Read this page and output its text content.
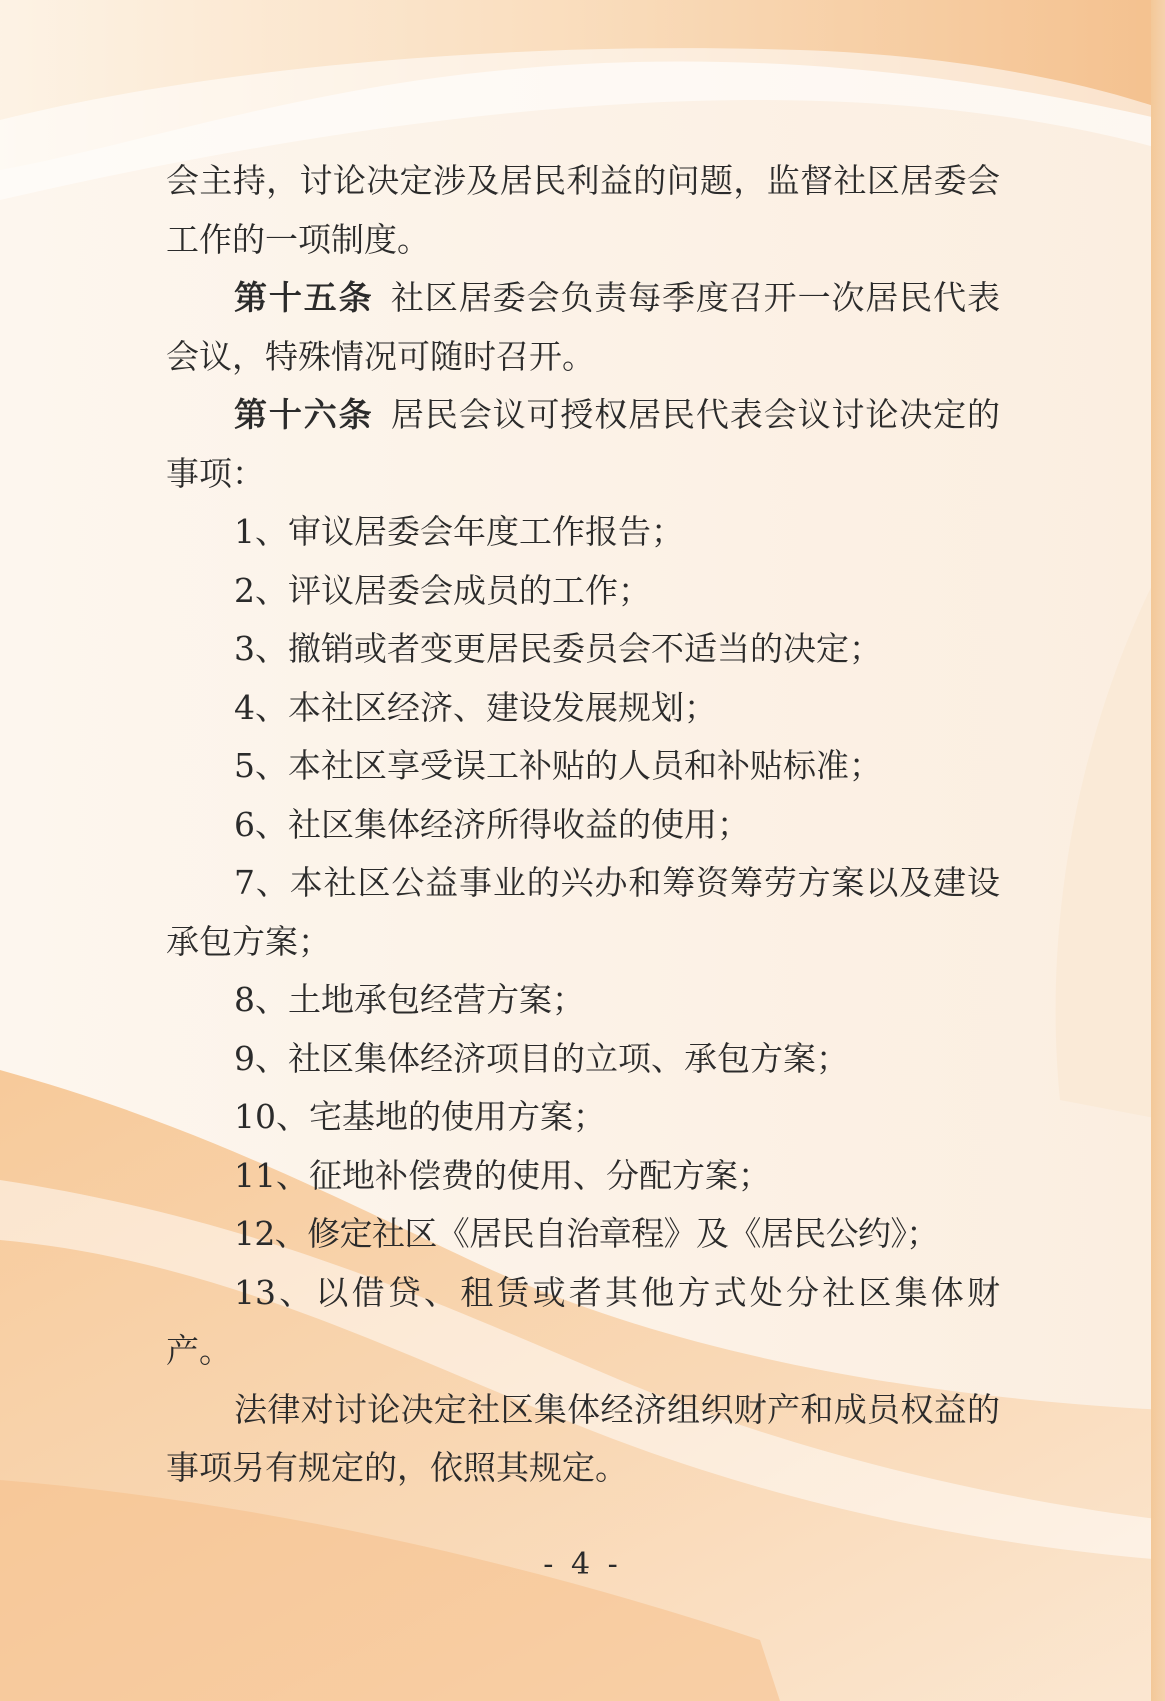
会主持，讨论决定涉及居民利益的问题，监督社区居委会工作的一项制度。

第十五条  社区居委会负责每季度召开一次居民代表会议，特殊情况可随时召开。

第十六条  居民会议可授权居民代表会议讨论决定的事项：

1、审议居委会年度工作报告；

2、评议居委会成员的工作；

3、撤销或者变更居民委员会不适当的决定；

4、本社区经济、建设发展规划；

5、本社区享受误工补贴的人员和补贴标准；

6、社区集体经济所得收益的使用；

7、本社区公益事业的兴办和筹资筹劳方案以及建设承包方案；

8、土地承包经营方案；

9、社区集体经济项目的立项、承包方案；

10、宅基地的使用方案；

11、征地补偿费的使用、分配方案；

12、修定社区《居民自治章程》及《居民公约》；

13、以借贷、租赁或者其他方式处分社区集体财产。

法律对讨论决定社区集体经济组织财产和成员权益的事项另有规定的，依照其规定。

- 4 -
